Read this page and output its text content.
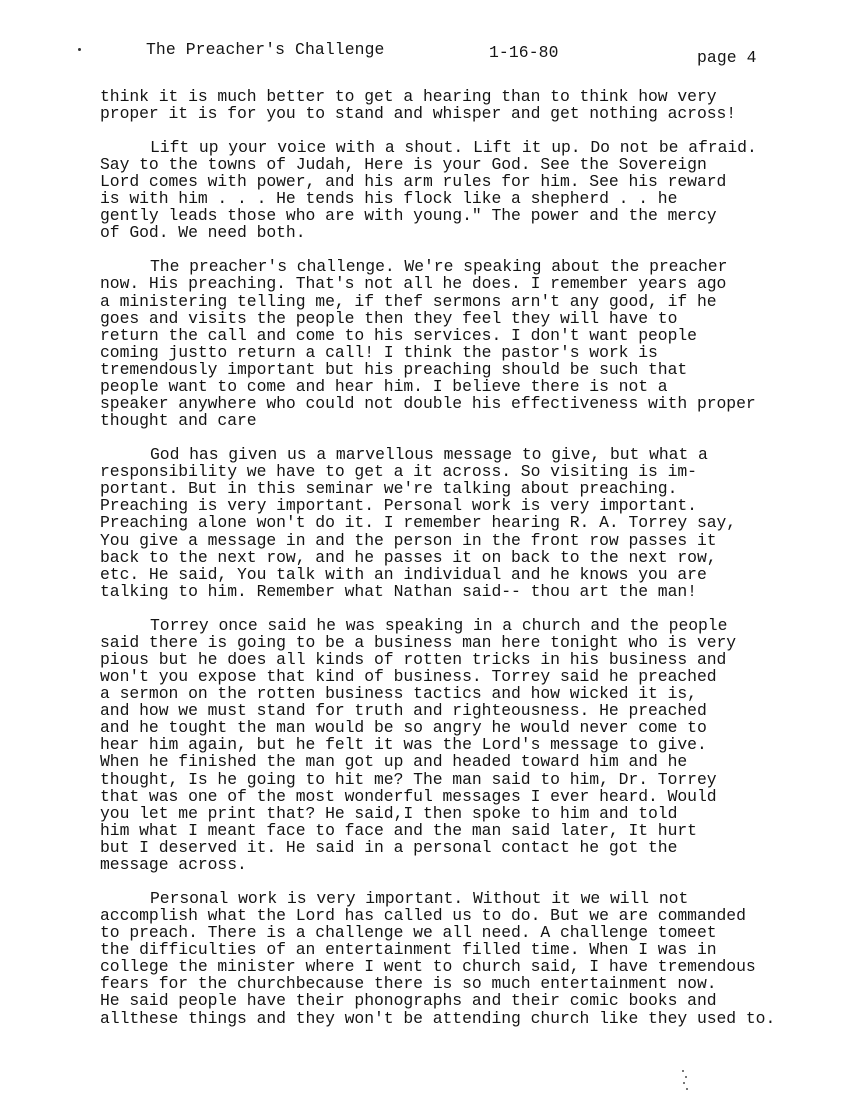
The Preacher's Challenge	1-16-80	page 4
think it is much better to get a hearing than to think how very
proper it is for you to stand and whisper and get nothing across!
Lift up your voice with a shout. Lift it up. Do not be afraid.
Say to the towns of Judah, Here is your God. See the Sovereign
Lord comes with power, and his arm rules for him. See his reward
is with him . . . He tends his flock like a shepherd . . he
gently leads those who are with young." The power and the mercy
of God. We need both.
The preacher's challenge. We're speaking about the preacher
now. His preaching. That's not all he does. I remember years ago
a ministering telling me, if thef sermons arn't any good, if he
goes and visits the people then they feel they will have to
return the call and come to his services. I don't want people
coming justto return a call! I think the pastor's work is
tremendously important but his preaching should be such that
people want to come and hear him. I believe there is not a
speaker anywhere who could not double his effectiveness with proper
thought and care
God has given us a marvellous message to give, but what a
responsibility we have to get a it across. So visiting is im-
portant. But in this seminar we're talking about preaching.
Preaching is very important. Personal work is very important.
Preaching alone won't do it. I remember hearing R. A. Torrey say,
You give a message in and the person in the front row passes it
back to the next row, and he passes it on back to the next row,
etc. He said, You talk with an individual and he knows you are
talking to him. Remember what Nathan said-- thou art the man!
Torrey once said he was speaking in a church and the people
said there is going to be a business man here tonight who is very
pious but he does all kinds of rotten tricks in his business and
won't you expose that kind of business. Torrey said he preached
a sermon on the rotten business tactics and how wicked it is,
and how we must stand for truth and righteousness. He preached
and he tought the man would be so angry he would never come to
hear him again, but he felt it was the Lord's message to give.
When he finished the man got up and headed toward him and he
thought, Is he going to hit me? The man said to him, Dr. Torrey
that was one of the most wonderful messages I ever heard. Would
you let me print that? He said,I then spoke to him and told
him what I meant face to face and the man said later, It hurt
but I deserved it. He said in a personal contact he got the
message across.
Personal work is very important. Without it we will not
accomplish what the Lord has called us to do. But we are commanded
to preach. There is a challenge we all need. A challenge tomeet
the difficulties of an entertainment filled time. When I was in
college the minister where I went to church said, I have tremendous
fears for the churchbecause there is so much entertainment now.
He said people have their phonographs and their comic books and
allthese things and they won't be attending church like they used to.
